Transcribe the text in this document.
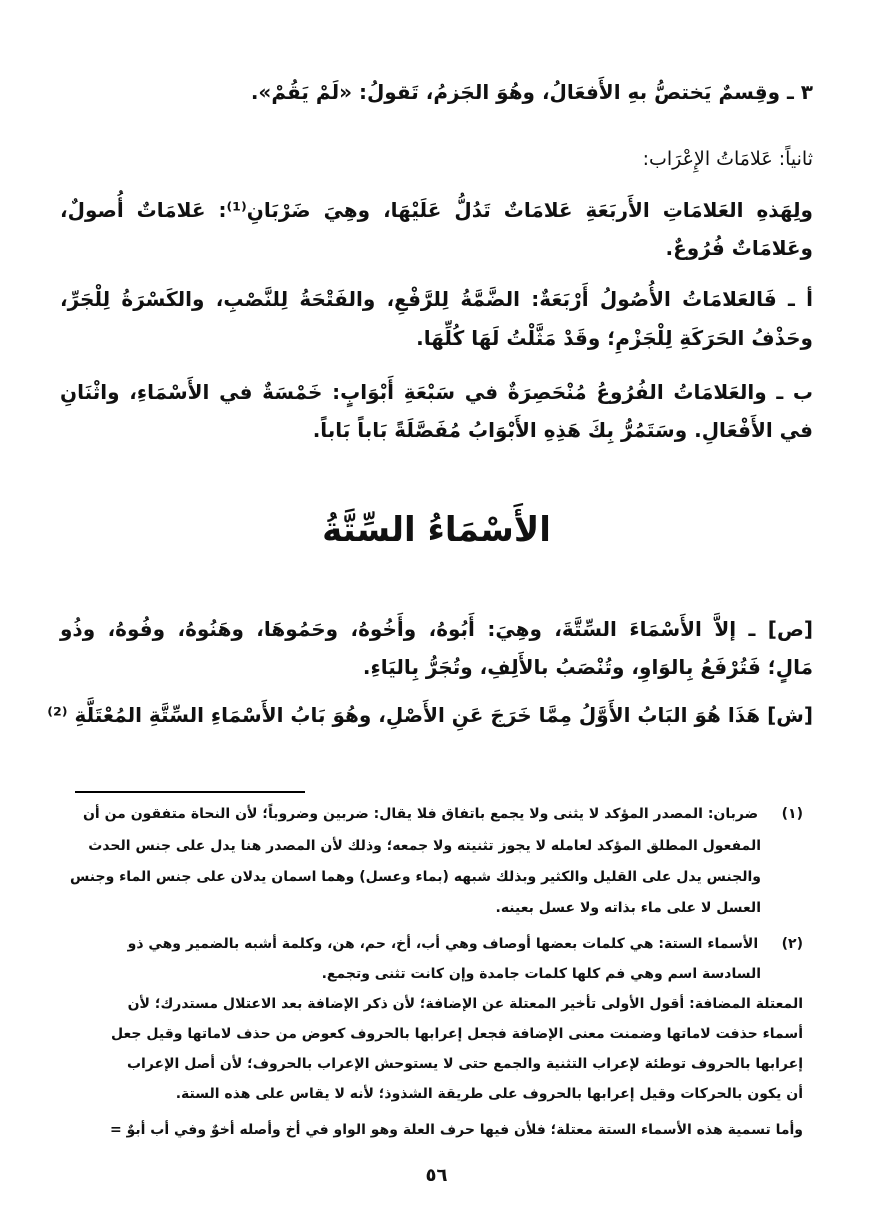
٣ ـ وقِسمٌ يَختصُّ بهِ الأَفعَالُ، وهُوَ الجَزمُ، تَقولُ: «لَمْ يَقُمْ».
ثانياً: عَلامَاتُ الإِعْرَاب:
ولِهَذهِ العَلامَاتِ الأَربَعَةِ عَلامَاتٌ تَدُلُّ عَلَيْهَا، وهِيَ ضَرْبَانِ⁽¹⁾: عَلامَاتٌ أُصولٌ،
وعَلامَاتٌ فُرُوعٌ.
أ ـ فَالعَلامَاتُ الأُصُولُ أَرْبَعَةٌ: الضَّمَّةُ لِلرَّفْعِ، والفَتْحَةُ لِلنَّصْبِ، والكَسْرَةُ لِلْجَرِّ،
وحَذْفُ الحَرَكَةِ لِلْجَزْمِ؛ وقَدْ مَثَّلْتُ لَهَا كُلِّهَا.
ب ـ والعَلامَاتُ الفُرُوعُ مُنْحَصِرَةٌ في سَبْعَةِ أَبْوَابٍ: خَمْسَةٌ في الأَسْمَاءِ، واثْنَانِ
في الأَفْعَالِ. وسَتَمُرُّ بِكَ هَذِهِ الأَبْوَابُ مُفَصَّلَةً بَاباً بَاباً.
الأَسْمَاءُ السِّتَّةُ
[ص] ـ إلاَّ الأَسْمَاءَ السِّتَّةَ، وهِيَ: أَبُوهُ، وأَخُوهُ، وحَمُوهَا، وهَنُوهُ، وفُوهُ، وذُو
مَالٍ؛ فَتُرْفَعُ بِالوَاوِ، وتُنْصَبُ بالأَلِفِ، وتُجَرُّ بِاليَاءِ.
[ش] هَذَا هُوَ البَابُ الأَوَّلُ مِمَّا خَرَجَ عَنِ الأَصْلِ، وهُوَ بَابُ الأَسْمَاءِ السِّتَّةِ المُعْتَلَّةِ ⁽²⁾
(١) ضربان: المصدر المؤكد لا يثنى ولا يجمع باتفاق فلا يقال: ضربين وضروباً؛ لأن النحاة متفقون من أن
المفعول المطلق المؤكد لعامله لا يجوز تثنيته ولا جمعه؛ وذلك لأن المصدر هنا يدل على جنس الحدث
والجنس يدل على القليل والكثير وبذلك شبهه (بماء وعسل) وهما اسمان يدلان على جنس الماء وجنس
العسل لا على ماء بذاته ولا عسل بعينه.
(٢) الأسماء الستة: هي كلمات بعضها أوصاف وهي أب، أخ، حم، هن، وكلمة أشبه بالضمير وهي ذو
السادسة اسم وهي فم كلها كلمات جامدة وإن كانت تثنى وتجمع.
المعتلة المضافة: أقول الأولى تأخير المعتلة عن الإضافة؛ لأن ذكر الإضافة بعد الاعتلال مستدرك؛ لأن
أسماء حذفت لاماتها وضمنت معنى الإضافة فجعل إعرابها بالحروف كعوض من حذف لاماتها وقيل جعل
إعرابها بالحروف توطئة لإعراب التثنية والجمع حتى لا يستوحش الإعراب بالحروف؛ لأن أصل الإعراب
أن يكون بالحركات وقيل إعرابها بالحروف على طريقة الشذوذ؛ لأنه لا يقاس على هذه الستة.
وأما تسمية هذه الأسماء الستة معتلة؛ فلأن فيها حرف العلة وهو الواو في أخ وأصله أخوٌ وفي أب أبوٌ =
٥٦
